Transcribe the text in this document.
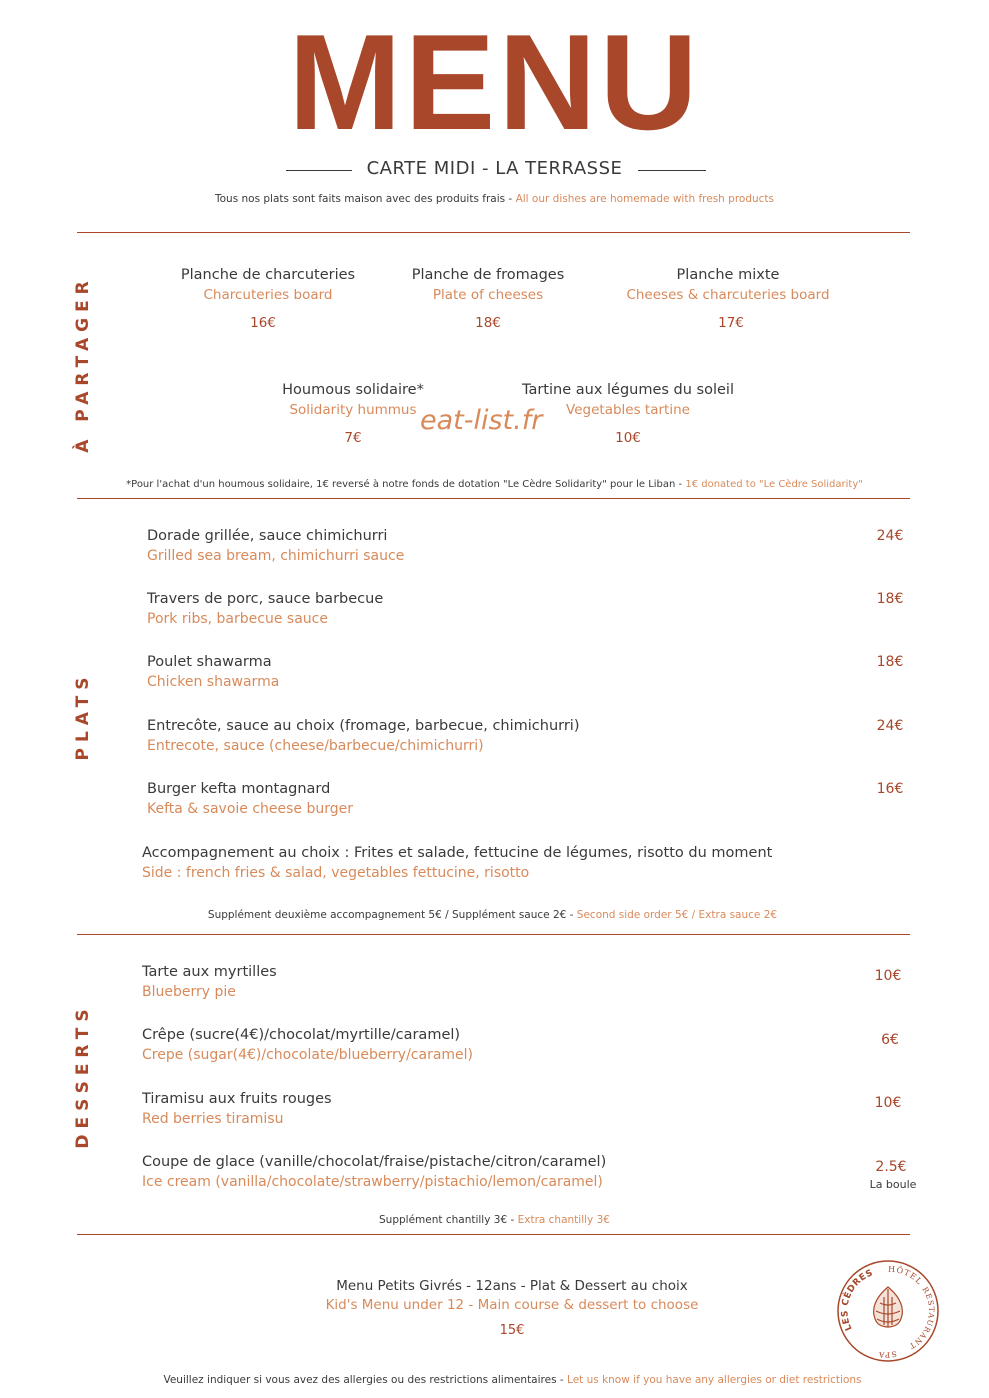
MENU
CARTE MIDI - LA TERRASSE
Tous nos plats sont faits maison avec des produits frais - All our dishes are homemade with fresh products
À PARTAGER
Planche de charcuteries
Charcuteries board
16€
Planche de fromages
Plate of cheeses
18€
Planche mixte
Cheeses & charcuteries board
17€
Houmous solidaire*
Solidarity hummus
7€
Tartine aux légumes du soleil
Vegetables tartine
10€
eat-list.fr
*Pour l'achat d'un houmous solidaire, 1€ reversé à notre fonds de dotation "Le Cèdre Solidarity" pour le Liban - 1€ donated to "Le Cèdre Solidarity"
PLATS
Dorade grillée, sauce chimichurri
Grilled sea bream, chimichurri sauce
24€
Travers de porc, sauce barbecue
Pork ribs, barbecue sauce
18€
Poulet shawarma
Chicken shawarma
18€
Entrecôte, sauce au choix (fromage, barbecue, chimichurri)
Entrecote, sauce (cheese/barbecue/chimichurri)
24€
Burger kefta montagnard
Kefta & savoie cheese burger
16€
Accompagnement au choix : Frites et salade, fettucine de légumes, risotto du moment
Side : french fries & salad, vegetables fettucine, risotto
Supplément deuxième accompagnement 5€ / Supplément sauce 2€ - Second side order 5€ / Extra sauce 2€
DESSERTS
Tarte aux myrtilles
Blueberry pie
10€
Crêpe (sucre(4€)/chocolat/myrtille/caramel)
Crepe (sugar(4€)/chocolate/blueberry/caramel)
6€
Tiramisu aux fruits rouges
Red berries tiramisu
10€
Coupe de glace (vanille/chocolat/fraise/pistache/citron/caramel)
Ice cream (vanilla/chocolate/strawberry/pistachio/lemon/caramel)
2.5€
La boule
Supplément chantilly 3€ - Extra chantilly 3€
Menu Petits Givrés - 12ans - Plat & Dessert au choix
Kid's Menu under 12 - Main course & dessert to choose
15€	LES CÈDRES HÔTEL
RESTAURANT
SPA
Veuillez indiquer si vous avez des allergies ou des restrictions alimentaires - Let us know if you have any allergies or diet restrictions
